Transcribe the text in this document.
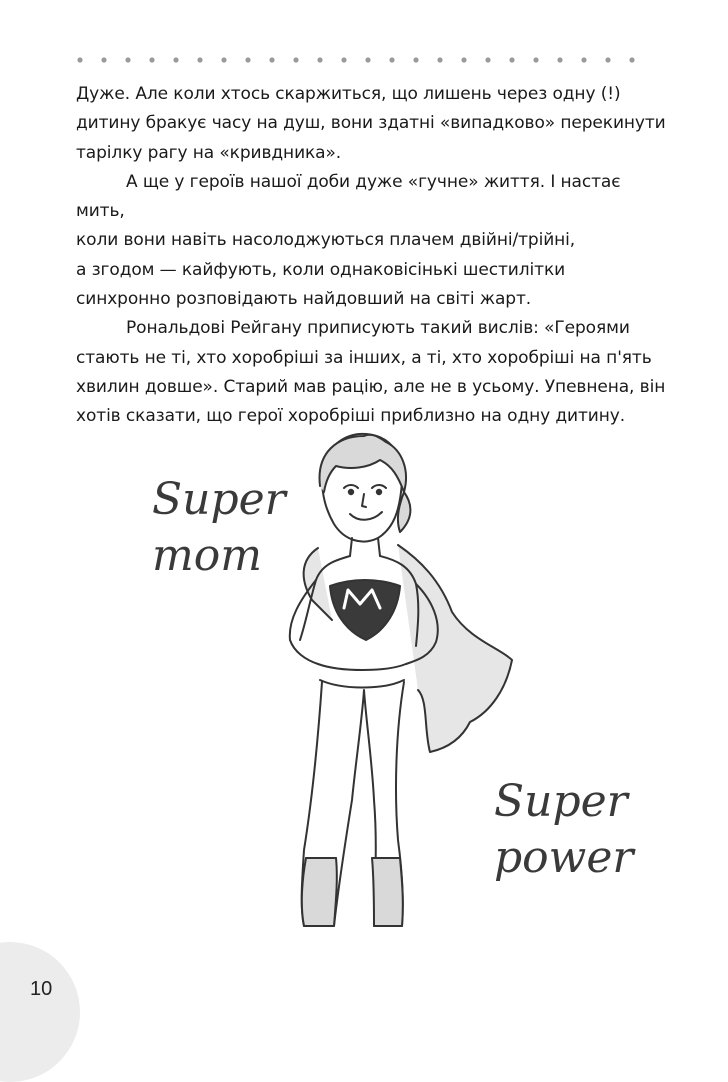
Дуже. Але коли хтось скаржиться, що лишень через одну (!)
дитину бракує часу на душ, вони здатні «випадково» перекинути
тарілку рагу на «кривдника».

А ще у героїв нашої доби дуже «гучне» життя. І настає мить,
коли вони навіть насолоджуються плачем двійні/трійні,
а згодом — кайфують, коли однаковісінькі шестилітки
синхронно розповідають найдовший на світі жарт.

Рональдові Рейгану приписують такий вислів: «Героями
стають не ті, хто хоробріші за інших, а ті, хто хоробріші на п'ять
хвилин довше». Старий мав рацію, але не в усьому. Упевнена, він
хотів сказати, що герої хоробріші приблизно на одну дитину.

Super
mom
Super
power
10
